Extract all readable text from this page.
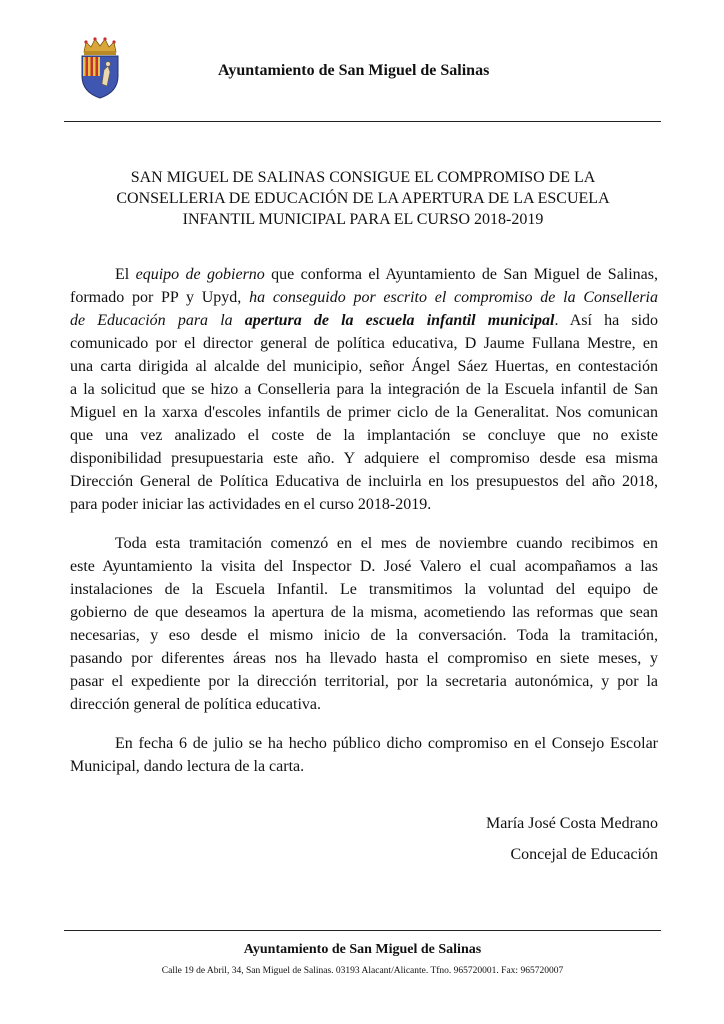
Ayuntamiento de San Miguel de Salinas
SAN MIGUEL DE SALINAS CONSIGUE EL COMPROMISO DE LA
CONSELLERIA DE EDUCACIÓN DE LA APERTURA DE LA ESCUELA
INFANTIL MUNICIPAL PARA EL CURSO 2018-2019
El equipo de gobierno que conforma el Ayuntamiento de San Miguel de Salinas,
formado por PP y Upyd, ha conseguido por escrito el compromiso de la Conselleria
de Educación para la apertura de la escuela infantil municipal. Así ha sido
comunicado por el director general de política educativa, D Jaume Fullana Mestre, en
una carta dirigida al alcalde del municipio, señor Ángel Sáez Huertas, en contestación
a la solicitud que se hizo a Conselleria para la integración de la Escuela infantil de San
Miguel en la xarxa d'escoles infantils de primer ciclo de la Generalitat. Nos comunican
que una vez analizado el coste de la implantación se concluye que no existe
disponibilidad presupuestaria este año. Y adquiere el compromiso desde esa misma
Dirección General de Política Educativa de incluirla en los presupuestos del año 2018,
para poder iniciar las actividades en el curso 2018-2019.
Toda esta tramitación comenzó en el mes de noviembre cuando recibimos en
este Ayuntamiento la visita del Inspector D. José Valero el cual acompañamos a las
instalaciones de la Escuela Infantil. Le transmitimos la voluntad del equipo de
gobierno de que deseamos la apertura de la misma, acometiendo las reformas que sean
necesarias, y eso desde el mismo inicio de la conversación. Toda la tramitación,
pasando por diferentes áreas nos ha llevado hasta el compromiso en siete meses, y
pasar el expediente por la dirección territorial, por la secretaria autonómica, y por la
dirección general de política educativa.
En fecha 6 de julio se ha hecho público dicho compromiso en el Consejo Escolar
Municipal, dando lectura de la carta.
María José Costa Medrano
Concejal de Educación
Ayuntamiento de San Miguel de Salinas
Calle 19 de Abril, 34, San Miguel de Salinas. 03193 Alacant/Alicante. Tfno. 965720001. Fax: 965720007
